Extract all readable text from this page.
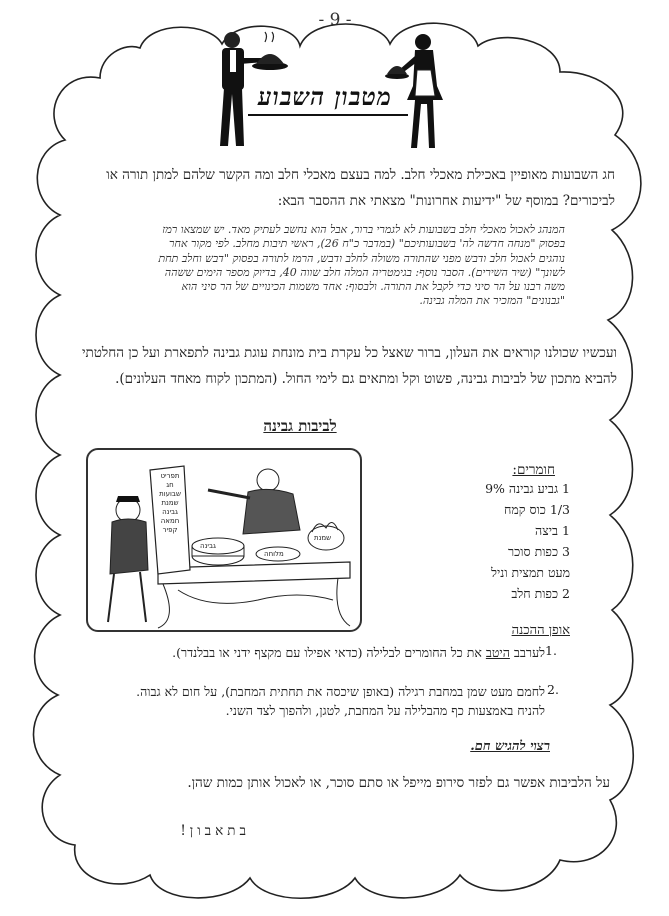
- 9 -
מטבון השבוע
חג השבועות מאופיין באכילת מאכלי חלב. למה בעצם מאכלי חלב ומה הקשר שלהם למתן תורה או לביכורים? במוסף של "ידיעות אחרונות" מצאתי את ההסבר הבא:
המנהג לאכול מאכלי חלב בשבועות לא לגמרי ברור, אבל הוא נחשב לעתיק מאד. יש שמצאו רמז בפסוק "מנחה חדשה לה' בשבועותיכם" (במדבר כ"ח 26), ראשי תיבות מחלב. לפי מקור אחר נוהגים לאכול חלב ודבש מפני שהתורה משולה לחלב ודבש, הרמז לתורה בפסוק "דבש וחלב תחת לשונך" (שיר השירים). הסבר נוסף: בגימטריה המלה חלב שווה 40, בדיוק מספר הימים ששהה משה רבנו על הר סיני כדי לקבל את התורה. ולבסוף: אחד משמות הכינויים של הר סיני הוא "גבנונים" המזכיר את המלה גבינה.
ועכשיו שכולנו קוראים את העלון, ברור שאצל כל עקרת בית מונחת עוגת גבינה לתפארת ועל כן החלטתי להביא מתכון של לביבות גבינה, פשוט וקל ומתאים גם לימי החול. (המתכון לקוח מאחד העלונים).
לביבות גבינה
תפריט
חג
שבועות
שמנת
גבינה
חמאה
קפיר
גבינה
מלוחה
שמנת
חומרים:
1 גביע גבינה 9%
1/3 כוס קמח
1 ביצה
3 כפות סוכר
מעט תמצית וניל
2 כפות חלב
אופן ההכנה
1.
לערבב היטב את כל החומרים לבלילה (כדאי אפילו עם מקצף ידני או בבלנדר).
2.
לחמם מעט שמן במחבת רגילה (באופן שיכסה את תחתית המחבת), על חום לא גבוה. להניח באמצעות כף מהבלילה על המחבת, לטגן, ולהפוך לצד השני.
רצוי להגיש חם.
על הלביבות אפשר גם לפזר סירופ מייפל או סתם סוכר, או לאכול אותן כמות שהן.
בתאבון!
